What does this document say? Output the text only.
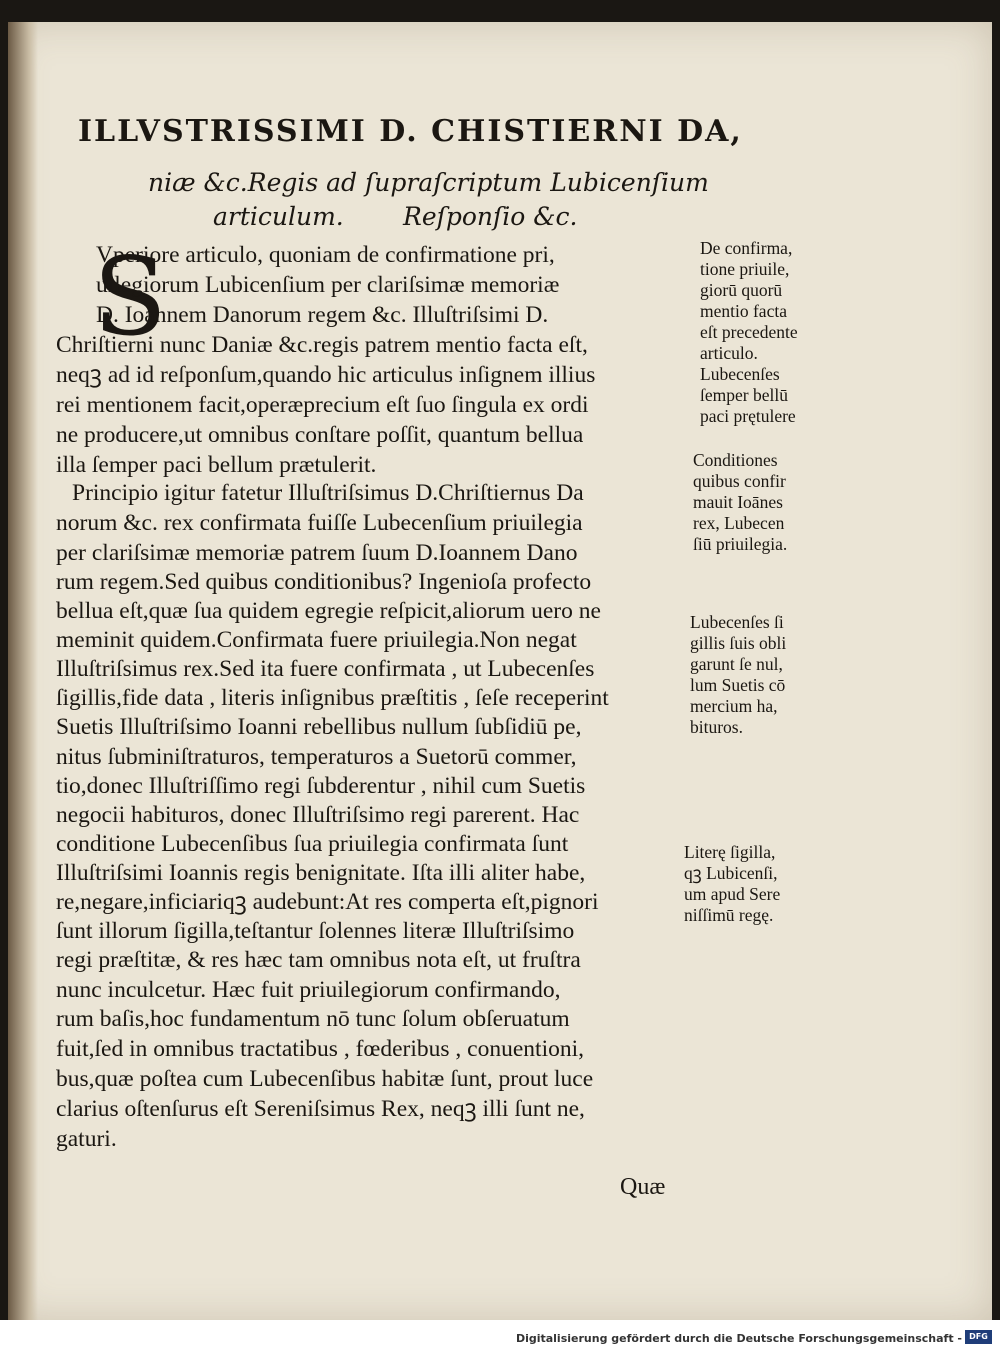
ILLVSTRISSIMI D. CHISTIERNI DA,
niæ &c.Regis ad ſupraſcriptum Lubicenſium
articulum. Reſponſio &c.
S
Vperiore articulo, quoniam de confirmatione pri,
uilegiorum Lubicenſium per clariſsimæ memoriæ
D. Ioannem Danorum regem &c. Illuſtriſsimi D.
Chriſtierni nunc Daniæ &c.regis patrem mentio facta eſt,
neqꝫ ad id reſponſum,quando hic articulus inſignem illius
rei mentionem facit,operæprecium eſt ſuo ſingula ex ordi
ne producere,ut omnibus conſtare poſſit, quantum bellua
illa ſemper paci bellum prætulerit.
Principio igitur fatetur Illuſtriſsimus D.Chriſtiernus Da
norum &c. rex confirmata fuiſſe Lubecenſium priuilegia
per clariſsimæ memoriæ patrem ſuum D.Ioannem Dano
rum regem.Sed quibus conditionibus? Ingenioſa profecto
bellua eſt,quæ ſua quidem egregie reſpicit,aliorum uero ne
meminit quidem.Confirmata fuere priuilegia.Non negat
Illuſtriſsimus rex.Sed ita fuere confirmata , ut Lubecenſes
ſigillis,fide data , literis inſignibus præſtitis , ſeſe receperint
Suetis Illuſtriſsimo Ioanni rebellibus nullum ſubſidiū pe,
nitus ſubminiſtraturos, temperaturos a Suetorū commer,
tio,donec Illuſtriſſimo regi ſubderentur , nihil cum Suetis
negocii habituros, donec Illuſtriſsimo regi parerent. Hac
conditione Lubecenſibus ſua priuilegia confirmata ſunt
Illuſtriſsimi Ioannis regis benignitate. Iſta illi aliter habe,
re,negare,inficiariqꝫ audebunt:At res comperta eſt,pignori
ſunt illorum ſigilla,teſtantur ſolennes literæ Illuſtriſsimo
regi præſtitæ, & res hæc tam omnibus nota eſt, ut fruſtra
nunc inculcetur. Hæc fuit priuilegiorum confirmando,
rum baſis,hoc fundamentum nō tunc ſolum obſeruatum
fuit,ſed in omnibus tractatibus , fœderibus , conuentioni,
bus,quæ poſtea cum Lubecenſibus habitæ ſunt, prout luce
clarius oſtenſurus eſt Sereniſsimus Rex, neqꝫ illi ſunt ne,
gaturi.
De confirma,
tione priuile,
giorū quorū
mentio facta
eſt precedente
articulo.
Lubecenſes
ſemper bellū
paci prętulere
Conditiones
quibus confir
mauit Ioānes
rex, Lubecen
ſiū priuilegia.
Lubecenſes ſi
gillis ſuis obli
garunt ſe nul,
lum Suetis cō
mercium ha,
bituros.
Literę ſigilla,
qꝫ Lubicenſi,
um apud Sere
niſſimū regę.
Quæ
Digitalisierung gefördert durch die Deutsche Forschungsgemeinschaft - DFG
